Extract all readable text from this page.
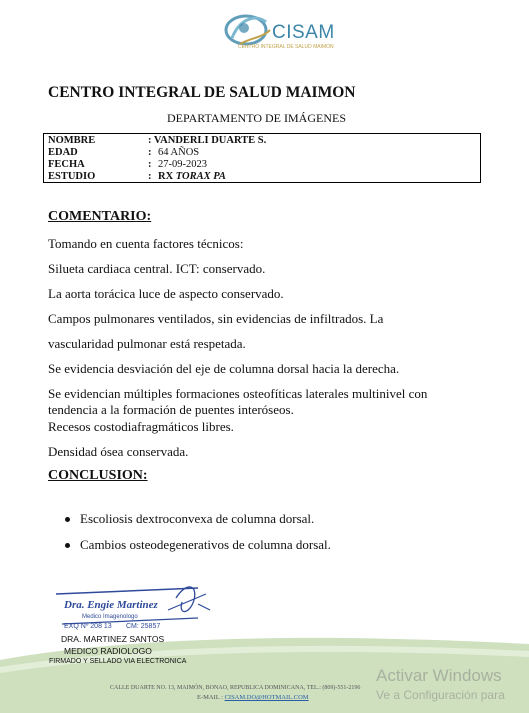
CISAM
CENTRO INTEGRAL DE SALUD MAIMON
CENTRO INTEGRAL DE SALUD MAIMON
DEPARTAMENTO DE IMÁGENES
NOMBRE	: VANDERLI DUARTE S.
EDAD	: 64 AÑOS
FECHA	: 27-09-2023
ESTUDIO	: RX TORAX PA
COMENTARIO:
Tomando en cuenta factores técnicos:
Silueta cardiaca central. ICT: conservado.
La aorta torácica luce de aspecto conservado.
Campos pulmonares ventilados, sin evidencias de infiltrados. La
vascularidad pulmonar está respetada.
Se evidencia desviación del eje de columna dorsal hacia la derecha.
Se evidencian múltiples formaciones osteofíticas laterales multinivel con
tendencia a la formación de puentes interóseos.
Recesos costodiafragmáticos libres.
Densidad ósea conservada.
CONCLUSION:
Escoliosis dextroconvexa de columna dorsal.
Cambios osteodegenerativos de columna dorsal.
Dra. Engie Martinez
Medico Imagenologo
EXQ Nº 208 13 CM: 25857
DRA. MARTINEZ SANTOS
MEDICO RADIOLOGO
FIRMADO Y SELLADO VIA ELECTRONICA
CALLE DUARTE NO. 13, MAIMÓN, BONAO, REPUBLICA DOMINICANA, TEL.: (809)-551-2196
E-MAIL : CISAM.DO@HOTMAIL.COM
Activar Windows
Ve a Configuración para
